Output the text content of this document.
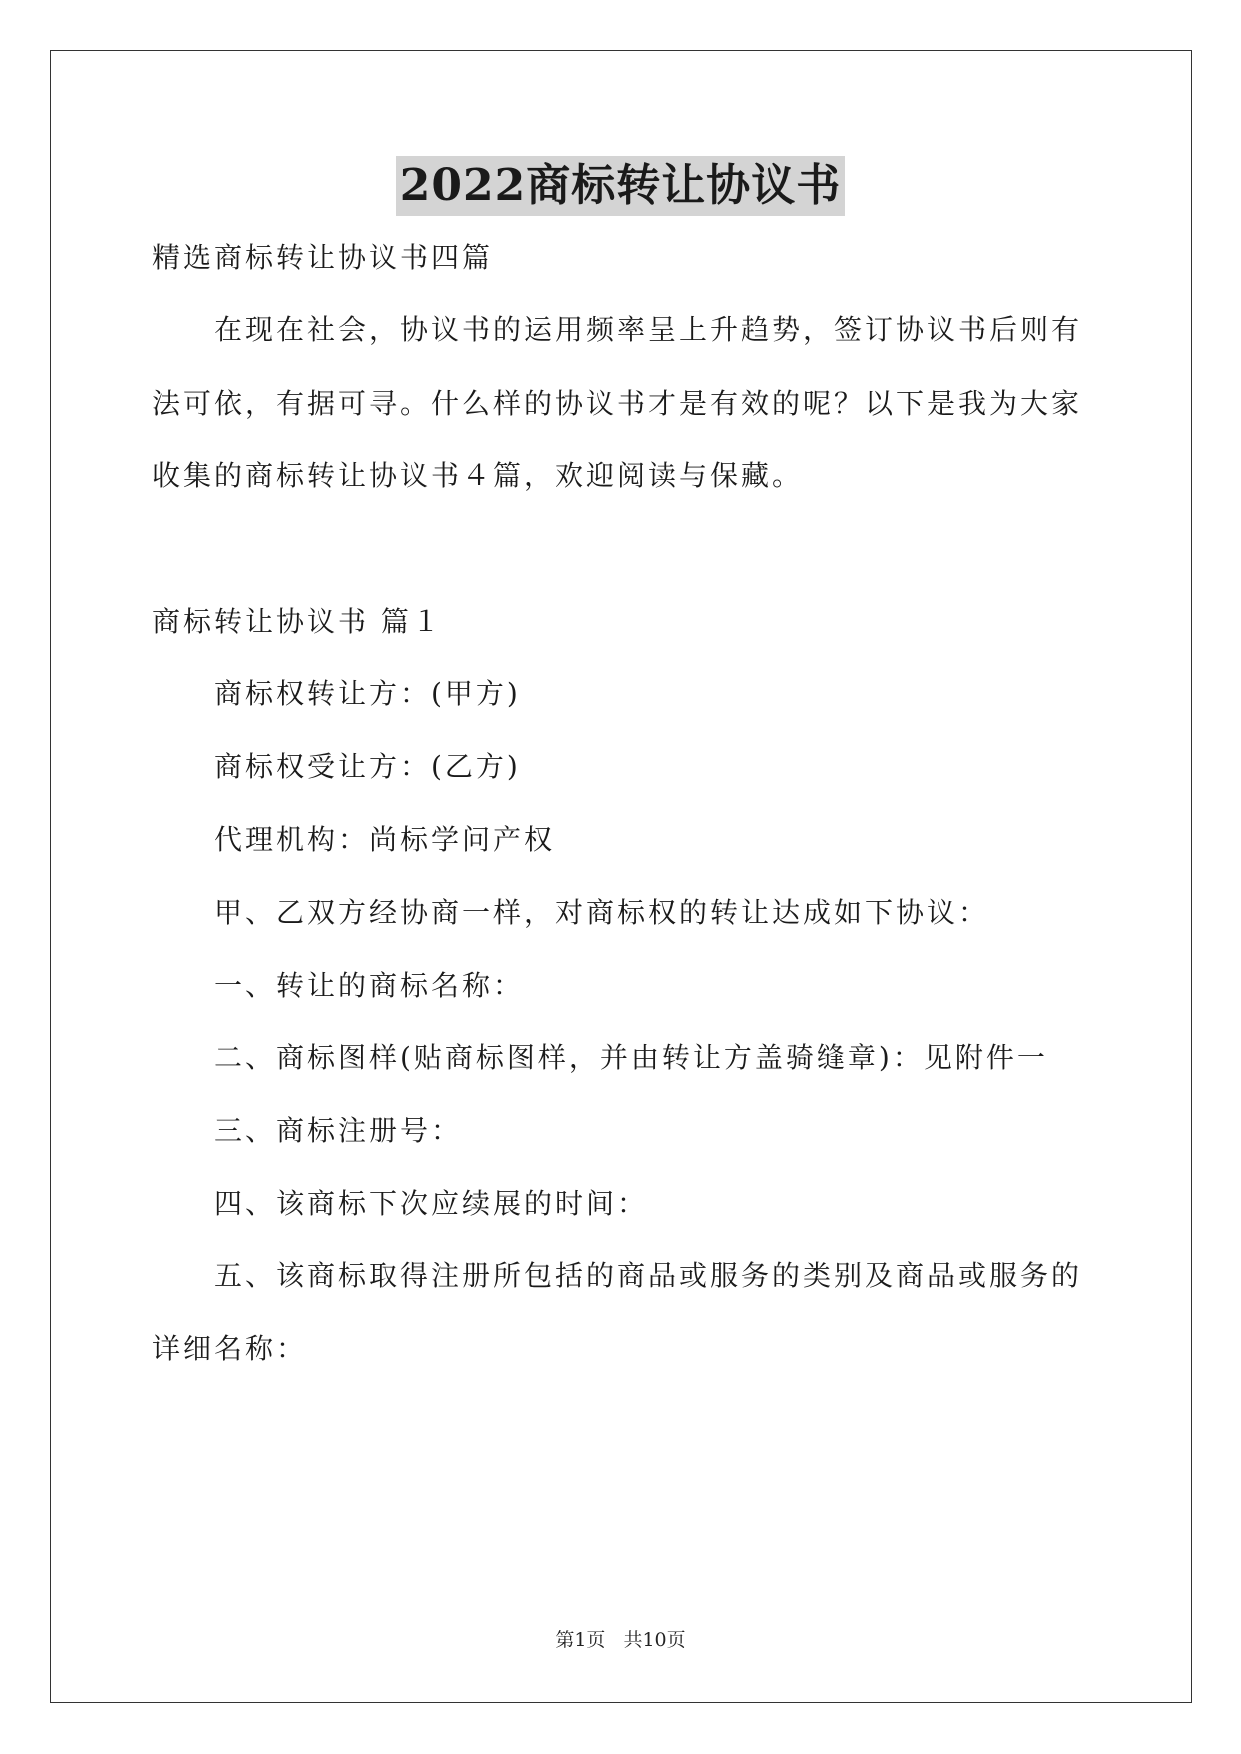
2022商标转让协议书
精选商标转让协议书四篇
在现在社会，协议书的运用频率呈上升趋势，签订协议书后则有
法可依，有据可寻。什么样的协议书才是有效的呢？以下是我为大家
收集的商标转让协议书４篇，欢迎阅读与保藏。
商标转让协议书 篇１
商标权转让方：(甲方)
商标权受让方：(乙方)
代理机构：尚标学问产权
甲、乙双方经协商一样，对商标权的转让达成如下协议：
一、转让的商标名称：
二、商标图样(贴商标图样，并由转让方盖骑缝章)：见附件一
三、商标注册号：
四、该商标下次应续展的时间：
五、该商标取得注册所包括的商品或服务的类别及商品或服务的
详细名称：
第1页 共10页
